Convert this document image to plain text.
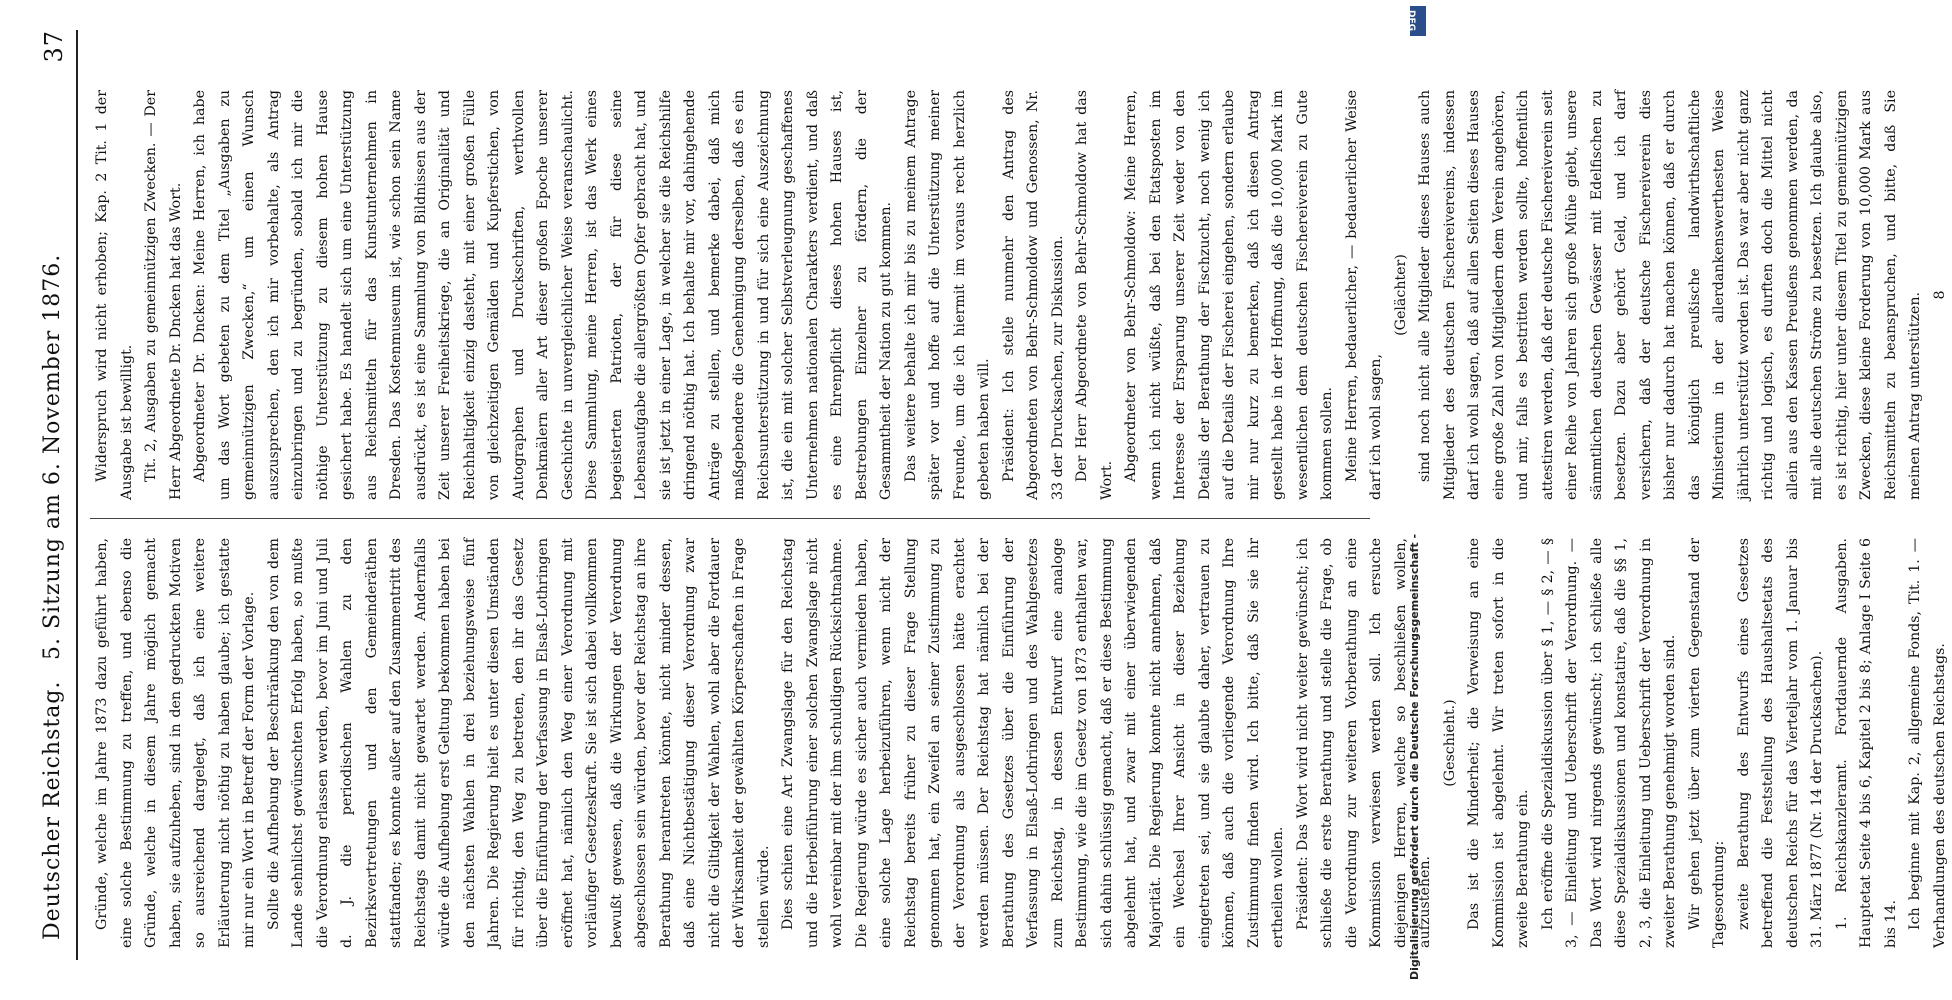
Deutscher Reichstag.
5. Sitzung am 6. November 1876.
37

Gründe, welche im Jahre 1873 dazu geführt haben, eine solche Bestimmung zu treffen, und ebenso die Gründe, welche in diesem Jahre möglich gemacht haben, sie aufzuheben, sind in den gedruckten Motiven so ausreichend dargelegt, daß ich eine weitere Erläuterung nicht nöthig zu haben glaube; ich gestatte mir nur ein Wort in Betreff der Form der Vorlage. Sollte die Aufhebung der Beschränkung den von dem Lande sehnlichst gewünschten Erfolg haben, so mußte die Verordnung erlassen werden, bevor im Juni und Juli d. J. die periodischen Wahlen zu den Bezirksvertretungen und den Gemeinderäthen stattfanden; es konnte außer auf den Zusammentritt des Reichstags damit nicht gewartet werden. Andernfalls würde die Aufhebung erst Geltung bekommen haben bei den nächsten Wahlen in drei beziehungsweise fünf Jahren. Die Regierung hielt es unter diesen Umständen für richtig, den Weg zu betreten, den ihr das Gesetz über die Einführung der Verfassung in Elsaß-Lothringen eröffnet hat, nämlich den Weg einer Verordnung mit vorläufiger Gesetzeskraft. Sie ist sich dabei vollkommen bewußt gewesen, daß die Wirkungen der Verordnung abgeschlossen sein würden, bevor der Reichstag an ihre Berathung herantreten könnte, nicht minder dessen, daß eine Nichtbestätigung dieser Verordnung zwar nicht die Giltigkeit der Wahlen, wohl aber die Fortdauer der Wirksamkeit der gewählten Körperschaften in Frage stellen würde. Dies schien eine Art Zwangslage für den Reichstag und die Herbeiführung einer solchen Zwangslage nicht wohl vereinbar mit der ihm schuldigen Rücksichtnahme. Die Regierung würde es sicher auch vermieden haben, eine solche Lage herbeizuführen, wenn nicht der Reichstag bereits früher zu dieser Frage Stellung genommen hat, ein Zweifel an seiner Zustimmung zu der Verordnung als ausgeschlossen hätte erachtet werden müssen. Der Reichstag hat nämlich bei der Berathung des Gesetzes über die Einführung der Verfassung in Elsaß-Lothringen und des Wahlgesetzes zum Reichstag, in dessen Entwurf eine analoge Bestimmung, wie die im Gesetz von 1873 enthalten war, sich dahin schlüssig gemacht, daß er diese Bestimmung abgelehnt hat, und zwar mit einer überwiegenden Majorität. Die Regierung konnte nicht annehmen, daß ein Wechsel Ihrer Ansicht in dieser Beziehung eingetreten sei, und sie glaubte daher, vertrauen zu können, daß auch die vorliegende Verordnung Ihre Zustimmung finden wird. Ich bitte, daß Sie sie ihr ertheilen wollen. Präsident: Das Wort wird nicht weiter gewünscht; ich schließe die erste Berathung und stelle die Frage, ob die Verordnung zur weiteren Vorberathung an eine Kommission verwiesen werden soll. Ich ersuche diejenigen Herren, welche so beschließen wollen, aufzustehen.

(Geschieht.) Das ist die Minderheit; die Verweisung an eine Kommission ist abgelehnt. Wir treten sofort in die zweite Berathung ein. Ich eröffne die Spezialdiskussion über § 1, — § 2, — § 3, — Einleitung und Ueberschrift der Verordnung. — Das Wort wird nirgends gewünscht; ich schließe alle diese Spezialdiskussionen und konstatire, daß die §§ 1, 2, 3, die Einleitung und Ueberschrift der Verordnung in zweiter Berathung genehmigt worden sind. Wir gehen jetzt über zum vierten Gegenstand der Tagesordnung: zweite Berathung des Entwurfs eines Gesetzes betreffend die Feststellung des Haushaltsetats des deutschen Reichs für das Vierteljahr vom 1. Januar bis 31. März 1877 (Nr. 14 der Drucksachen). 1. Reichskanzleramt. Fortdauernde Ausgaben. Hauptetat Seite 4 bis 6, Kapitel 2 bis 8; Anlage I Seite 6 bis 14. Ich beginne mit Kap. 2, allgemeine Fonds, Tit. 1. — Verhandlungen des deutschen Reichstags.

Widerspruch wird nicht erhoben; Kap. 2 Tit. 1 der Ausgabe ist bewilligt. Tit. 2, Ausgaben zu gemeinnützigen Zwecken. — Der Herr Abgeordnete Dr. Dncken hat das Wort. Abgeordneter Dr. Dncken: Meine Herren, ich habe um das Wort gebeten zu dem Titel „Ausgaben zu gemeinnützigen Zwecken,“ um einen Wunsch auszusprechen, den ich mir vorbehalte, als Antrag einzubringen und zu begründen, sobald ich mir die nöthige Unterstützung zu diesem hohen Hause gesichert habe. Es handelt sich um eine Unterstützung aus Reichsmitteln für das Kunstunternehmen in Dresden. Das Kostenmuseum ist, wie schon sein Name ausdrückt, es ist eine Sammlung von Bildnissen aus der Zeit unserer Freiheitskriege, die an Originalität und Reichhaltigkeit einzig dasteht, mit einer großen Fülle von gleichzeitigen Gemälden und Kupferstichen, von Autographen und Druckschriften, werthvollen Denkmälern aller Art dieser großen Epoche unserer Geschichte in unvergleichlicher Weise veranschaulicht. Diese Sammlung, meine Herren, ist das Werk eines begeisterten Patrioten, der für diese seine Lebensaufgabe die allergrößten Opfer gebracht hat, und sie ist jetzt in einer Lage, in welcher sie die Reichshilfe dringend nöthig hat. Ich behalte mir vor, dahingehende Anträge zu stellen, und bemerke dabei, daß mich maßgebendere die Genehmigung derselben, daß es ein Reichsunterstützung in und für sich eine Auszeichnung ist, die ein mit solcher Selbstverleugnung geschaffenes Unternehmen nationalen Charakters verdient, und daß es eine Ehrenpflicht dieses hohen Hauses ist, Bestrebungen Einzelner zu fördern, die der Gesammtheit der Nation zu gut kommen. Das weitere behalte ich mir bis zu meinem Antrage später vor und hoffe auf die Unterstützung meiner Freunde, um die ich hiermit im voraus recht herzlich gebeten haben will. Präsident: Ich stelle nunmehr den Antrag des Abgeordneten von Behr-Schmoldow und Genossen, Nr. 33 der Drucksachen, zur Diskussion. Der Herr Abgeordnete von Behr-Schmoldow hat das Wort. Abgeordneter von Behr-Schmoldow: Meine Herren, wenn ich nicht wüßte, daß bei den Etatsposten im Interesse der Ersparung unserer Zeit weder von den Details der Berathung der Fischzucht, noch wenig ich auf die Details der Fischerei eingehen, sondern erlaube mir nur kurz zu bemerken, daß ich diesen Antrag gestellt habe in der Hoffnung, daß die 10,000 Mark im wesentlichen dem deutschen Fischereiverein zu Gute kommen sollen. Meine Herren, bedauerlicher, — bedauerlicher Weise darf ich wohl sagen,

(Gelächter) sind noch nicht alle Mitglieder dieses Hauses auch Mitglieder des deutschen Fischereivereins, indessen darf ich wohl sagen, daß auf allen Seiten dieses Hauses eine große Zahl von Mitgliedern dem Verein angehören, und mir, falls es bestritten werden sollte, hoffentlich attestiren werden, daß der deutsche Fischereiverein seit einer Reihe von Jahren sich große Mühe giebt, unsere sämmtlichen deutschen Gewässer mit Edelfischen zu besetzen. Dazu aber gehört Geld, und ich darf versichern, daß der deutsche Fischereiverein dies bisher nur dadurch hat machen können, daß er durch das königlich preußische landwirthschaftliche Ministerium in der allerdankenswerthesten Weise jährlich unterstützt worden ist. Das war aber nicht ganz richtig und logisch, es durften doch die Mittel nicht allein aus den Kassen Preußens genommen werden, da mit alle deutschen Ströme zu besetzen. Ich glaube also, es ist richtig, hier unter diesem Titel zu gemeinnützigen Zwecken, diese kleine Forderung von 10,000 Mark aus Reichsmitteln zu beanspruchen, und bitte, daß Sie meinen Antrag unterstützen. 8

Digitalisierung gefördert durch die Deutsche Forschungsgemeinschaft -
DFG
